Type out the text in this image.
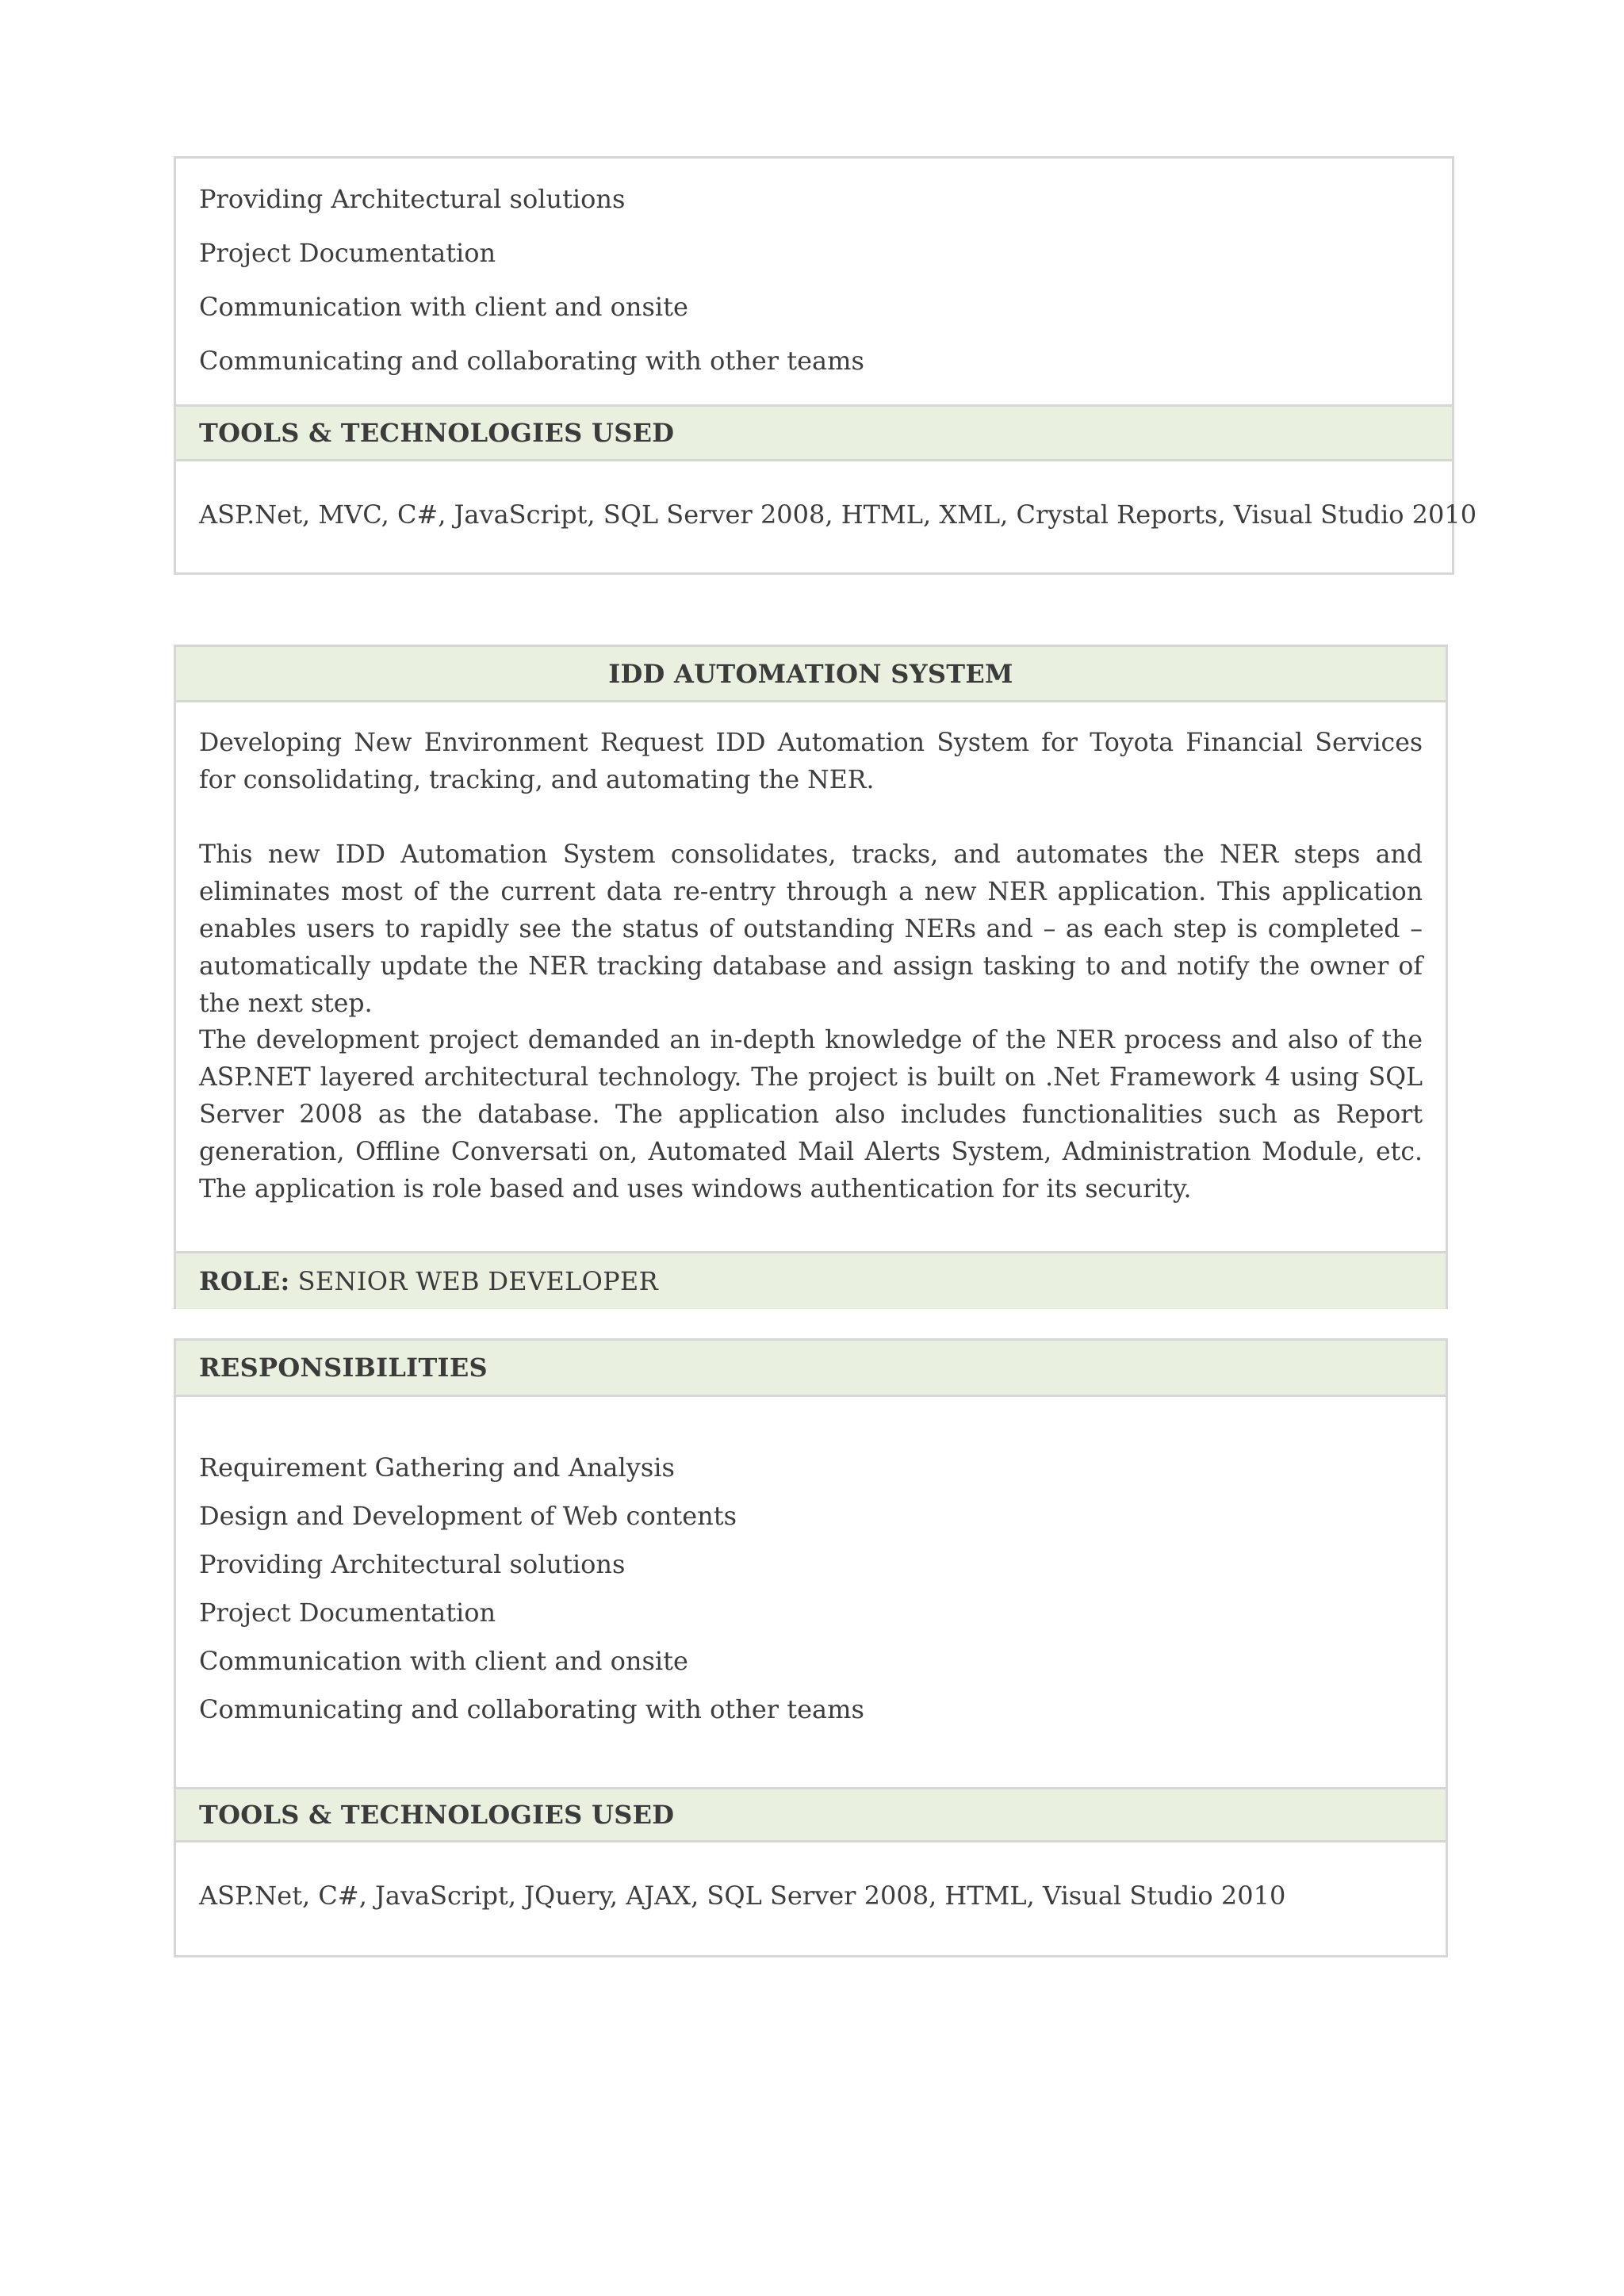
Providing Architectural solutions
Project Documentation
Communication with client and onsite
Communicating and collaborating with other teams
TOOLS & TECHNOLOGIES USED
ASP.Net, MVC, C#, JavaScript, SQL Server 2008, HTML, XML, Crystal Reports, Visual Studio 2010
IDD AUTOMATION SYSTEM
Developing New Environment Request IDD Automation System for Toyota Financial Services for consolidating, tracking, and automating the NER.
This new IDD Automation System consolidates, tracks, and automates the NER steps and eliminates most of the current data re-entry through a new NER application. This application enables users to rapidly see the status of outstanding NERs and – as each step is completed – automatically update the NER tracking database and assign tasking to and notify the owner of the next step.
The development project demanded an in-depth knowledge of the NER process and also of the ASP.NET layered architectural technology. The project is built on .Net Framework 4 using SQL Server 2008 as the database. The application also includes functionalities such as Report generation, Offline Conversati on, Automated Mail Alerts System, Administration Module, etc. The application is role based and uses windows authentication for its security.
ROLE: SENIOR WEB DEVELOPER
RESPONSIBILITIES
Requirement Gathering and Analysis
Design and Development of Web contents
Providing Architectural solutions
Project Documentation
Communication with client and onsite
Communicating and collaborating with other teams
TOOLS & TECHNOLOGIES USED
ASP.Net, C#, JavaScript, JQuery, AJAX, SQL Server 2008, HTML, Visual Studio 2010
